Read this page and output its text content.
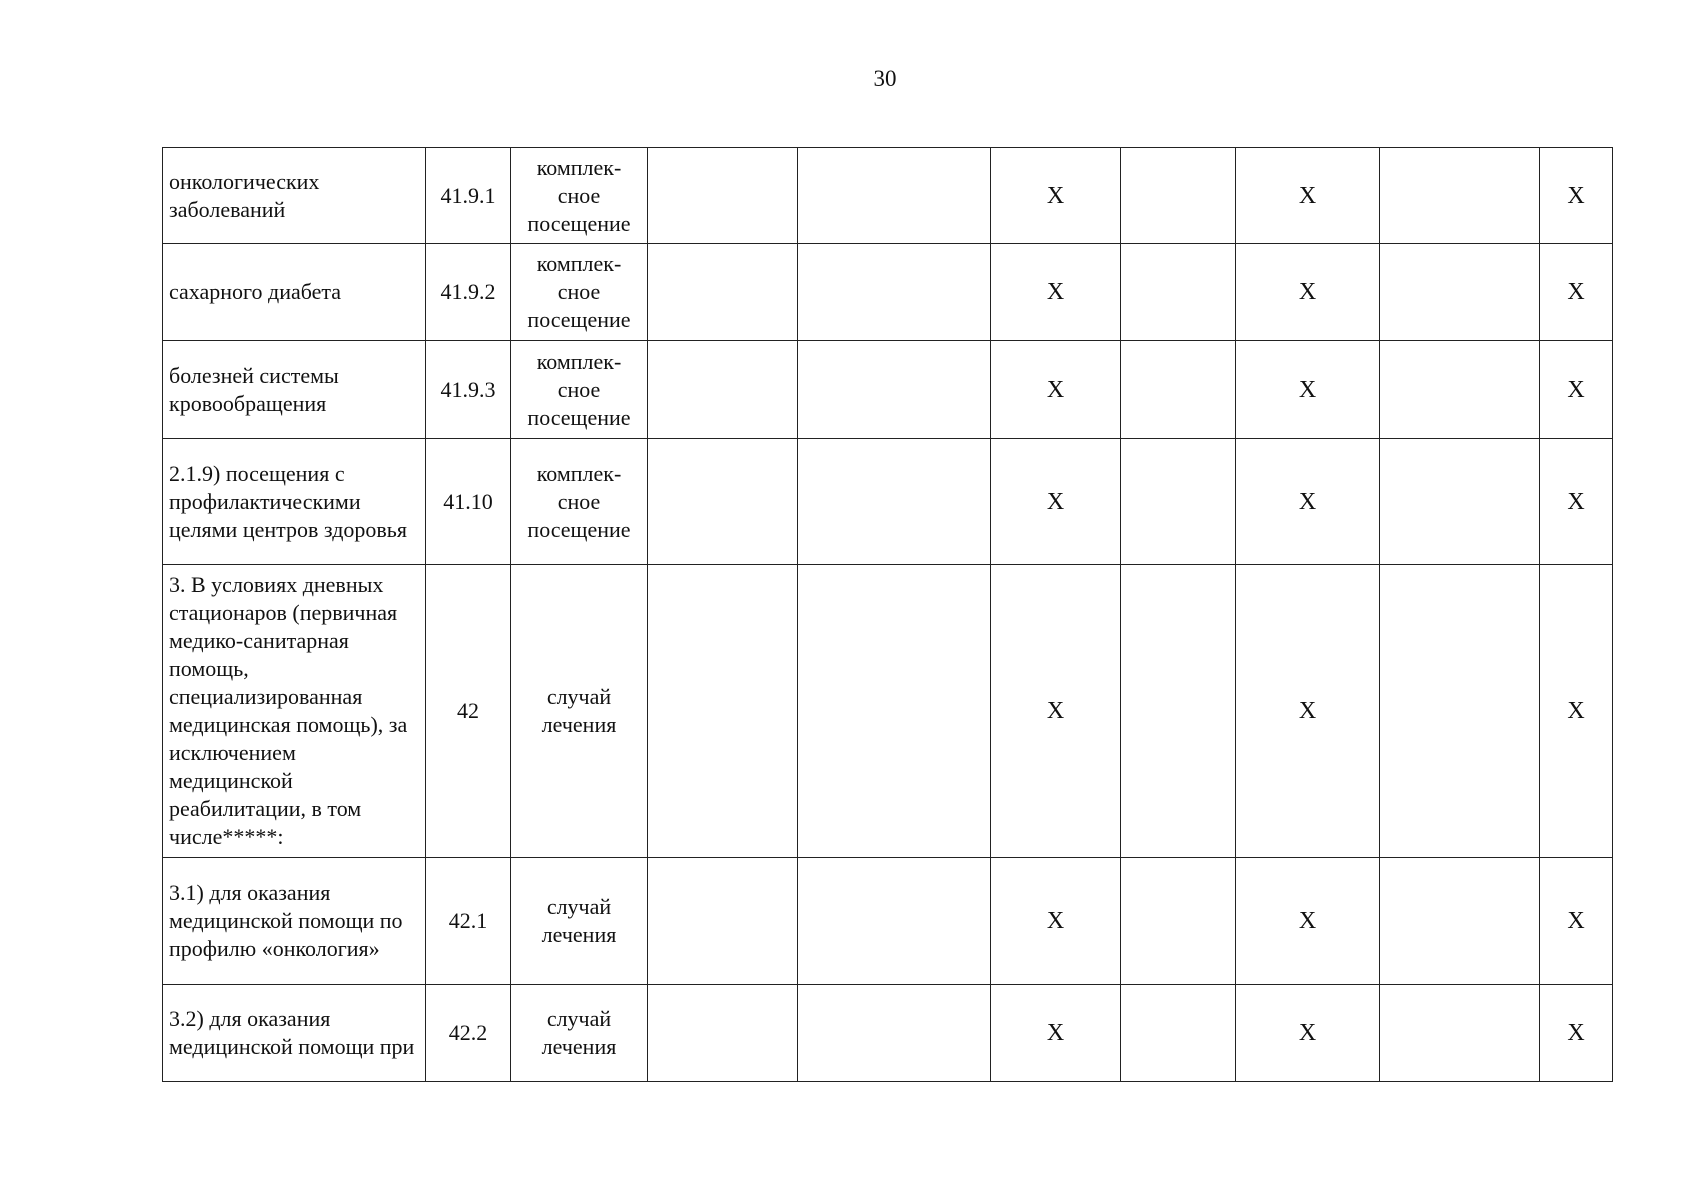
30
онкологических заболеваний	41.9.1	комплек-сное посещение			X		X		X
сахарного диабета	41.9.2	комплек-сное посещение			X		X		X
болезней системы кровообращения	41.9.3	комплек-сное посещение			X		X		X
2.1.9) посещения с профилактическими целями центров здоровья	41.10	комплек-сное посещение			X		X		X
3. В условиях дневных стационаров (первичная медико-санитарная помощь, специализированная медицинская помощь), за исключением медицинской реабилитации, в том числе*****:	42	случай лечения			X		X		X
3.1) для оказания медицинской помощи по профилю «онкология»	42.1	случай лечения			X		X		X
3.2) для оказания медицинской помощи при	42.2	случай лечения			X		X		X
